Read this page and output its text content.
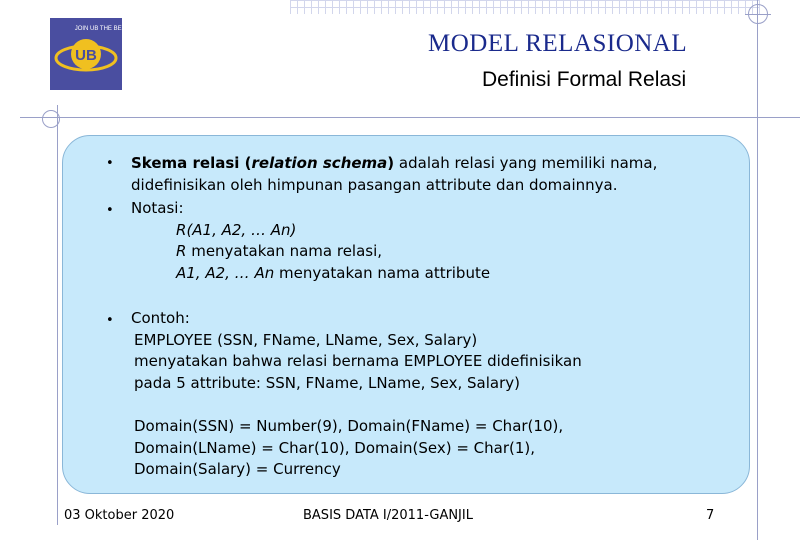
UB
JOIN UB THE BEST
MODEL RELASIONAL
Definisi Formal Relasi
• Skema relasi (relation schema) adalah relasi yang memiliki nama,
didefinisikan oleh himpunan pasangan attribute dan domainnya.
• Notasi:
R(A1, A2, … An)
R menyatakan nama relasi,
A1, A2, … An menyatakan nama attribute
• Contoh:
EMPLOYEE (SSN, FName, LName, Sex, Salary)
menyatakan bahwa relasi bernama EMPLOYEE didefinisikan
pada 5 attribute: SSN, FName, LName, Sex, Salary)
Domain(SSN) = Number(9), Domain(FName) = Char(10),
Domain(LName) = Char(10), Domain(Sex) = Char(1),
Domain(Salary) = Currency
03 Oktober 2020	BASIS DATA I/2011-GANJIL	7
